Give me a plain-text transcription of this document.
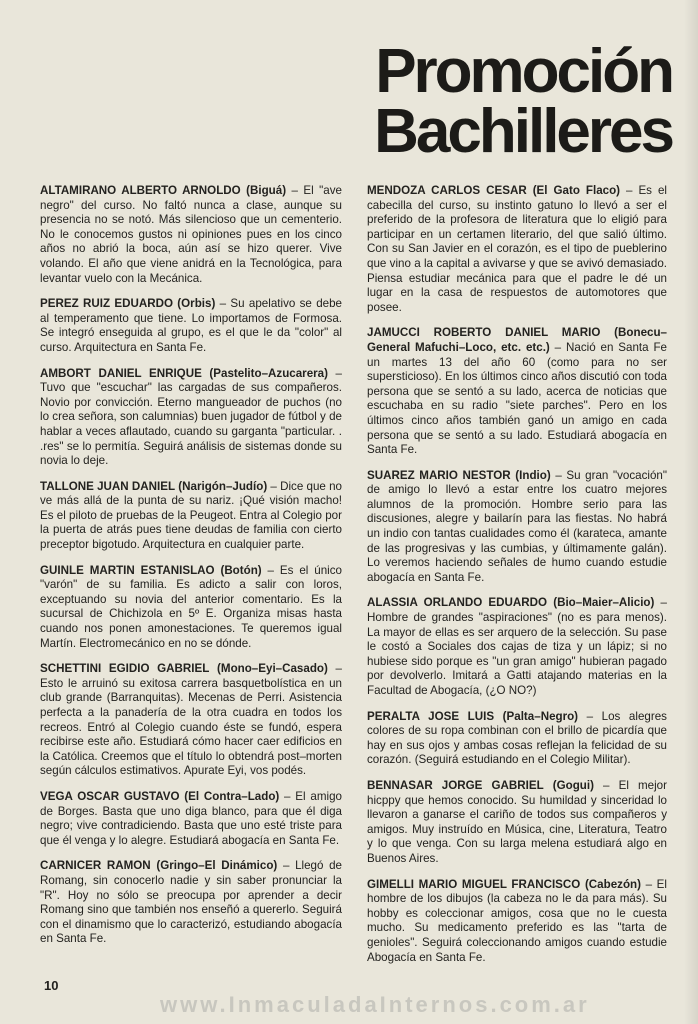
Promoción
Bachilleres

ALTAMIRANO ALBERTO ARNOLDO (Biguá) – El "ave negro" del curso. No faltó nunca a clase, aunque su presencia no se notó. Más silencioso que un cementerio. No le conocemos gustos ni opiniones pues en los cinco años no abrió la boca, aún así se hizo querer. Vive volando. El año que viene anidrá en la Tecnológica, para levantar vuelo con la Mecánica.

PEREZ RUIZ EDUARDO (Orbis) – Su apelativo se debe al temperamento que tiene. Lo importamos de Formosa. Se integró enseguida al grupo, es el que le da "color" al curso. Arquitectura en Santa Fe.

AMBORT DANIEL ENRIQUE (Pastelito–Azucarera) – Tuvo que "escuchar" las cargadas de sus compañeros. Novio por convicción. Eterno mangueador de puchos (no lo crea señora, son calumnias) buen jugador de fútbol y de hablar a veces aflautado, cuando su garganta "particular. . .res" se lo permitía. Seguirá análisis de sistemas donde su novia lo deje.

TALLONE JUAN DANIEL (Narigón–Judío) – Dice que no ve más allá de la punta de su nariz. ¡Qué visión macho! Es el piloto de pruebas de la Peugeot. Entra al Colegio por la puerta de atrás pues tiene deudas de familia con cierto preceptor bigotudo. Arquitectura en cualquier parte.

GUINLE MARTIN ESTANISLAO (Botón) – Es el único "varón" de su familia. Es adicto a salir con loros, exceptuando su novia del anterior comentario. Es la sucursal de Chichizola en 5º E. Organiza misas hasta cuando nos ponen amonestaciones. Te queremos igual Martín. Electromecánico en no se dónde.

SCHETTINI EGIDIO GABRIEL (Mono–Eyi–Casado) – Esto le arruinó su exitosa carrera basquetbolística en un club grande (Barranquitas). Mecenas de Perri. Asistencia perfecta a la panadería de la otra cuadra en todos los recreos. Entró al Colegio cuando éste se fundó, espera recibirse este año. Estudiará cómo hacer caer edificios en la Católica. Creemos que el título lo obtendrá post–morten según cálculos estimativos. Apurate Eyi, vos podés.

VEGA OSCAR GUSTAVO (El Contra–Lado) – El amigo de Borges. Basta que uno diga blanco, para que él diga negro; vive contradiciendo. Basta que uno esté triste para que él venga y lo alegre. Estudiará abogacía en Santa Fe.

CARNICER RAMON (Gringo–El Dinámico) – Llegó de Romang, sin conocerlo nadie y sin saber pronunciar la "R". Hoy no sólo se preocupa por aprender a decir Romang sino que también nos enseñó a quererlo. Seguirá con el dinamismo que lo caracterizó, estudiando abogacía en Santa Fe.

MENDOZA CARLOS CESAR (El Gato Flaco) – Es el cabecilla del curso, su instinto gatuno lo llevó a ser el preferido de la profesora de literatura que lo eligió para participar en un certamen literario, del que salió último. Con su San Javier en el corazón, es el tipo de pueblerino que vino a la capital a avivarse y que se avivó demasiado. Piensa estudiar mecánica para que el padre le dé un lugar en la casa de respuestos de automotores que posee.

JAMUCCI ROBERTO DANIEL MARIO (Bonecu–General Mafuchi–Loco, etc. etc.) – Nació en Santa Fe un martes 13 del año 60 (como para no ser supersticioso). En los últimos cinco años discutió con toda persona que se sentó a su lado, acerca de noticias que escuchaba en su radio "siete parches". Pero en los últimos cinco años también ganó un amigo en cada persona que se sentó a su lado. Estudiará abogacía en Santa Fe.

SUAREZ MARIO NESTOR (Indio) – Su gran "vocación" de amigo lo llevó a estar entre los cuatro mejores alumnos de la promoción. Hombre serio para las discusiones, alegre y bailarín para las fiestas. No habrá un indio con tantas cualidades como él (karateca, amante de las progresivas y las cumbias, y últimamente galán). Lo veremos haciendo señales de humo cuando estudie abogacía en Santa Fe.

ALASSIA ORLANDO EDUARDO (Bio–Maier–Alicio) – Hombre de grandes "aspiraciones" (no es para menos). La mayor de ellas es ser arquero de la selección. Su pase le costó a Sociales dos cajas de tiza y un lápiz; si no hubiese sido porque es "un gran amigo" hubieran pagado por devolverlo. Imitará a Gatti atajando materias en la Facultad de Abogacía, (¿O NO?)

PERALTA JOSE LUIS (Palta–Negro) – Los alegres colores de su ropa combinan con el brillo de picardía que hay en sus ojos y ambas cosas reflejan la felicidad de su corazón. (Seguirá estudiando en el Colegio Militar).

BENNASAR JORGE GABRIEL (Gogui) – El mejor hicppy que hemos conocido. Su humildad y sinceridad lo llevaron a ganarse el cariño de todos sus compañeros y amigos. Muy instruído en Música, cine, Literatura, Teatro y lo que venga. Con su larga melena estudiará algo en Buenos Aires.

GIMELLI MARIO MIGUEL FRANCISCO (Cabezón) – El hombre de los dibujos (la cabeza no le da para más). Su hobby es coleccionar amigos, cosa que no le cuesta mucho. Su medicamento preferido es las "tarta de genioles". Seguirá coleccionando amigos cuando estudie Abogacía en Santa Fe.

10
www.InmaculadaInternos.com.ar
